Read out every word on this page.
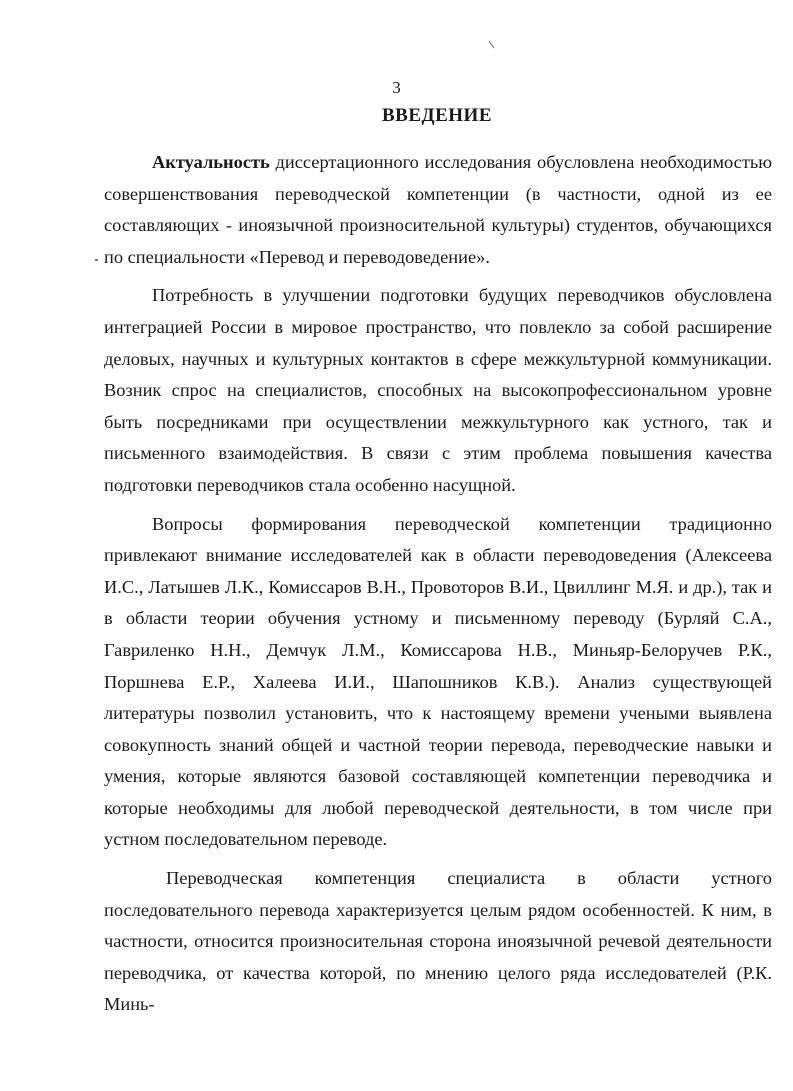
3
ВВЕДЕНИЕ

Актуальность диссертационного исследования обусловлена необходимостью совершенствования переводческой компетенции (в частности, одной из ее составляющих - иноязычной произносительной культуры) студентов, обучающихся по специальности «Перевод и переводоведение».

Потребность в улучшении подготовки будущих переводчиков обусловлена интеграцией России в мировое пространство, что повлекло за собой расширение деловых, научных и культурных контактов в сфере межкультурной коммуникации. Возник спрос на специалистов, способных на высокопрофессиональном уровне быть посредниками при осуществлении межкультурного как устного, так и письменного взаимодействия. В связи с этим проблема повышения качества подготовки переводчиков стала особенно насущной.

Вопросы формирования переводческой компетенции традиционно привлекают внимание исследователей как в области переводоведения (Алексеева И.С., Латышев Л.К., Комиссаров В.Н., Провоторов В.И., Цвиллинг М.Я. и др.), так и в области теории обучения устному и письменному переводу (Бурляй С.А., Гавриленко Н.Н., Демчук Л.М., Комиссарова Н.В., Миньяр-Белоручев Р.К., Поршнева Е.Р., Халеева И.И., Шапошников К.В.). Анализ существующей литературы позволил установить, что к настоящему времени учеными выявлена совокупность знаний общей и частной теории перевода, переводческие навыки и умения, которые являются базовой составляющей компетенции переводчика и которые необходимы для любой переводческой деятельности, в том числе при устном последовательном переводе.

Переводческая компетенция специалиста в области устного последовательного перевода характеризуется целым рядом особенностей. К ним, в частности, относится произносительная сторона иноязычной речевой деятельности переводчика, от качества которой, по мнению целого ряда исследователей (Р.К. Минь-
